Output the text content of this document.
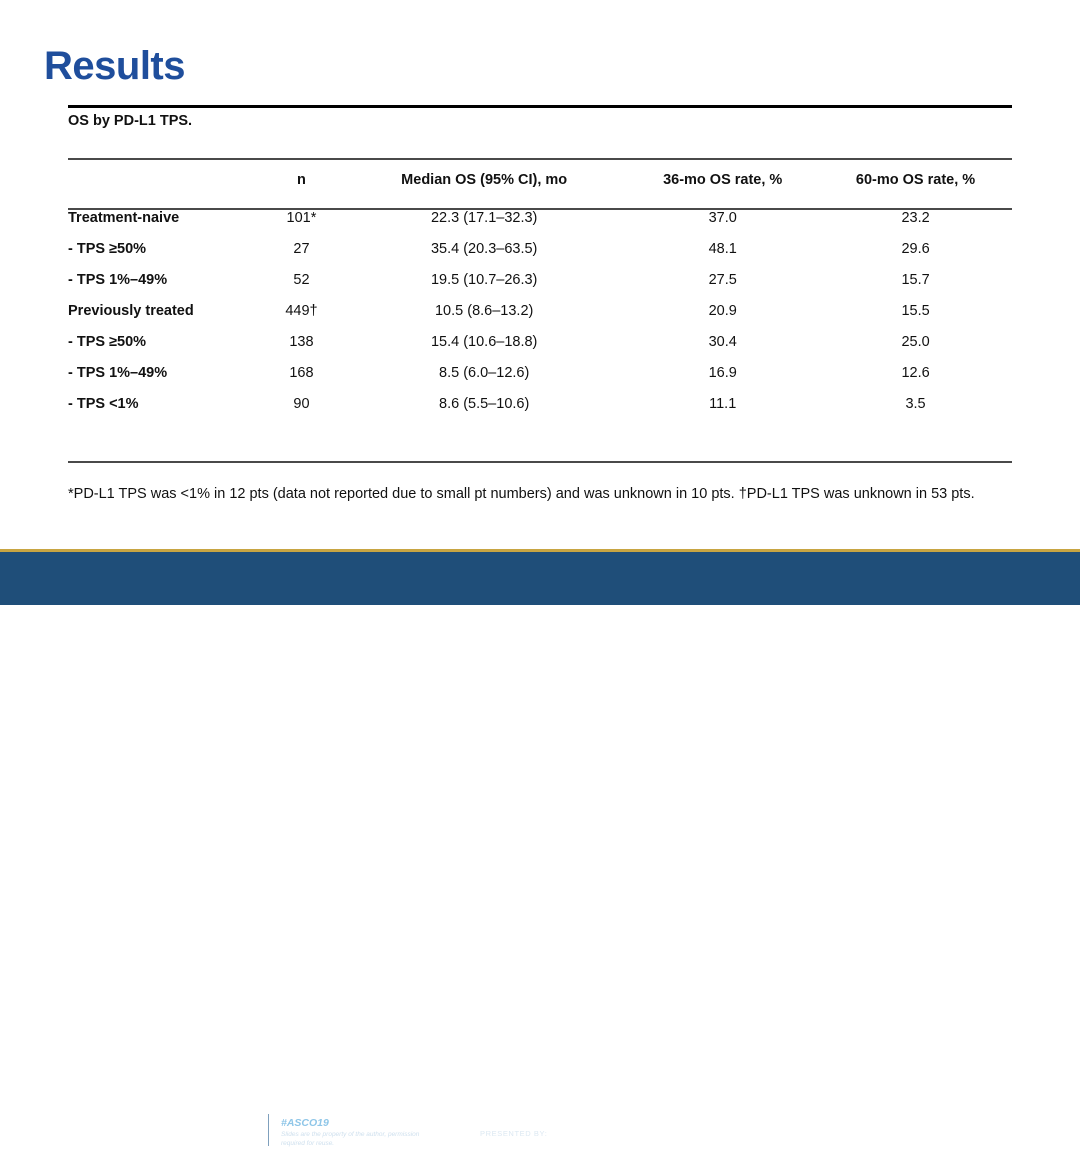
Results
OS by PD-L1 TPS.
	n	Median OS (95% CI), mo	36-mo OS rate, %	60-mo OS rate, %
Treatment-naive	101*	22.3 (17.1–32.3)	37.0	23.2
- TPS ≥50%	27	35.4 (20.3–63.5)	48.1	29.6
- TPS 1%–49%	52	19.5 (10.7–26.3)	27.5	15.7
Previously treated	449†	10.5 (8.6–13.2)	20.9	15.5
- TPS ≥50%	138	15.4 (10.6–18.8)	30.4	25.0
- TPS 1%–49%	168	8.5 (6.0–12.6)	16.9	12.6
- TPS <1%	90	8.6 (5.5–10.6)	11.1	3.5
*PD-L1 TPS was <1% in 12 pts (data not reported due to small pt numbers) and was unknown in 10 pts. †PD-L1 TPS was unknown in 53 pts.
2019ASCO
ANNUAL MEETING
#ASCO19
Slides are the property of the author, permission required for reuse.
PRESENTED BY: Wei Guo	31
